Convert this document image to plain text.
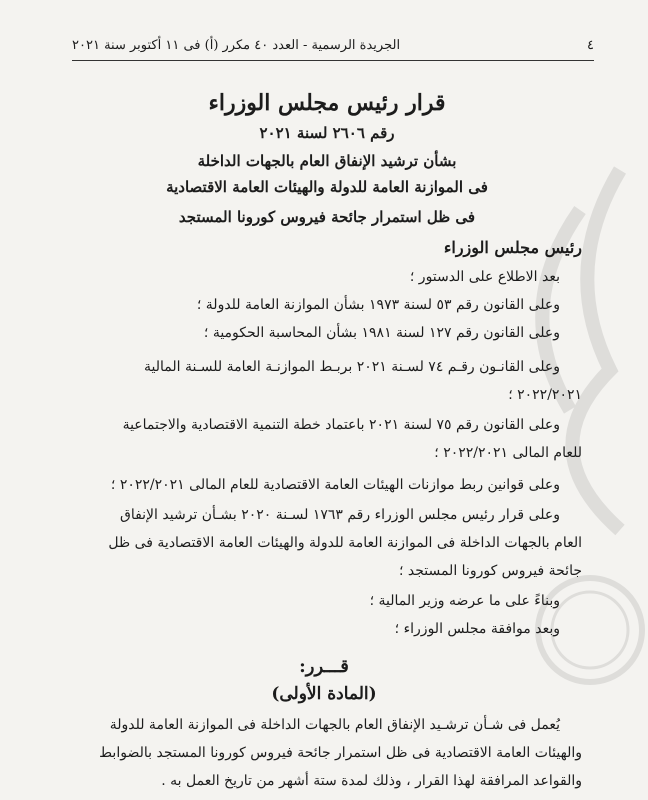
٤
الجريدة الرسمية - العدد ٤٠ مكرر (أ) فى ١١ أكتوبر سنة ٢٠٢١
قرار رئيس مجلس الوزراء
رقم ٢٦٠٦ لسنة ٢٠٢١
بشأن ترشيد الإنفاق العام بالجهات الداخلة
فى الموازنة العامة للدولة والهيئات العامة الاقتصادية
فى ظل استمرار جائحة فيروس كورونا المستجد
رئيس مجلس الوزراء
بعد الاطلاع على الدستور ؛
وعلى القانون رقم ٥٣ لسنة ١٩٧٣ بشأن الموازنة العامة للدولة ؛
وعلى القانون رقم ١٢٧ لسنة ١٩٨١ بشأن المحاسبة الحكومية ؛
وعلى القانـون رقـم ٧٤ لسـنة ٢٠٢١ بربـط الموازنـة العامة للسـنة المالية
٢٠٢٢/٢٠٢١ ؛
وعلى القانون رقم ٧٥ لسنة ٢٠٢١ باعتماد خطة التنمية الاقتصادية والاجتماعية
للعام المالى ٢٠٢٢/٢٠٢١ ؛
وعلى قوانين ربط موازنات الهيئات العامة الاقتصادية للعام المالى ٢٠٢٢/٢٠٢١ ؛
وعلى قرار رئيس مجلس الوزراء رقم ١٧٦٣ لسـنة ٢٠٢٠ بشـأن ترشيد الإنفاق
العام بالجهات الداخلة فى الموازنة العامة للدولة والهيئات العامة الاقتصادية فى ظل
جائحة فيروس كورونا المستجد ؛
وبناءً على ما عرضه وزير المالية ؛
وبعد موافقة مجلس الوزراء ؛
قـــرر:
(المادة الأولى)
يُعمل فى شـأن ترشـيد الإنفاق العام بالجهات الداخلة فى الموازنة العامة للدولة
والهيئات العامة الاقتصادية فى ظل استمرار جائحة فيروس كورونا المستجد بالضوابط
والقواعد المرافقة لهذا القرار ، وذلك لمدة ستة أشهر من تاريخ العمل به .
